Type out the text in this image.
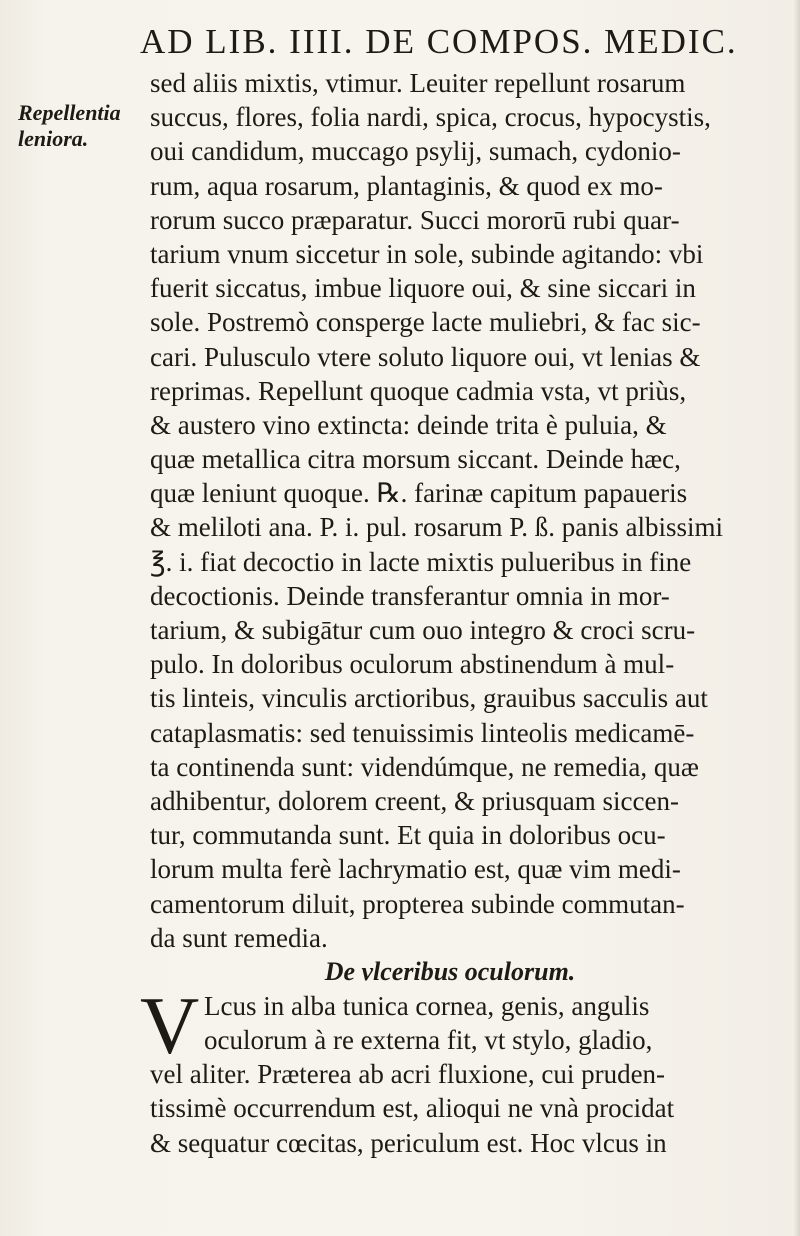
AD LIB. IIII. DE COMPOS. MEDIC.
Repellentia
leniora.
sed aliis mixtis, vtimur. Leuiter repellunt rosarum
succus, flores, folia nardi, spica, crocus, hypocystis,
oui candidum, muccago psylij, sumach, cydonio-
rum, aqua rosarum, plantaginis, & quod ex mo-
rorum succo præparatur. Succi mororū rubi quar-
tarium vnum siccetur in sole, subinde agitando: vbi
fuerit siccatus, imbue liquore oui, & sine siccari in
sole. Postremò consperge lacte muliebri, & fac sic-
cari. Pulusculo vtere soluto liquore oui, vt lenias &
reprimas. Repellunt quoque cadmia vsta, vt priùs,
& austero vino extincta: deinde trita è puluia, &
quæ metallica citra morsum siccant. Deinde hæc,
quæ leniunt quoque. ℞. farinæ capitum papaueris
& meliloti ana. P. i. pul. rosarum P. ß. panis albissimi
℥. i. fiat decoctio in lacte mixtis pulueribus in fine
decoctionis. Deinde transferantur omnia in mor-
tarium, & subigātur cum ouo integro & croci scru-
pulo. In doloribus oculorum abstinendum à mul-
tis linteis, vinculis arctioribus, grauibus sacculis aut
cataplasmatis: sed tenuissimis linteolis medicamē-
ta continenda sunt: videndúmque, ne remedia, quæ
adhibentur, dolorem creent, & priusquam siccen-
tur, commutanda sunt. Et quia in doloribus ocu-
lorum multa ferè lachrymatio est, quæ vim medi-
camentorum diluit, propterea subinde commutan-
da sunt remedia.
De vlceribus oculorum.
V Lcus in alba tunica cornea, genis, angulis
oculorum à re externa fit, vt stylo, gladio,
vel aliter. Præterea ab acri fluxione, cui pruden-
tissimè occurrendum est, alioqui ne vnà procidat
& sequatur cœcitas, periculum est. Hoc vlcus in
